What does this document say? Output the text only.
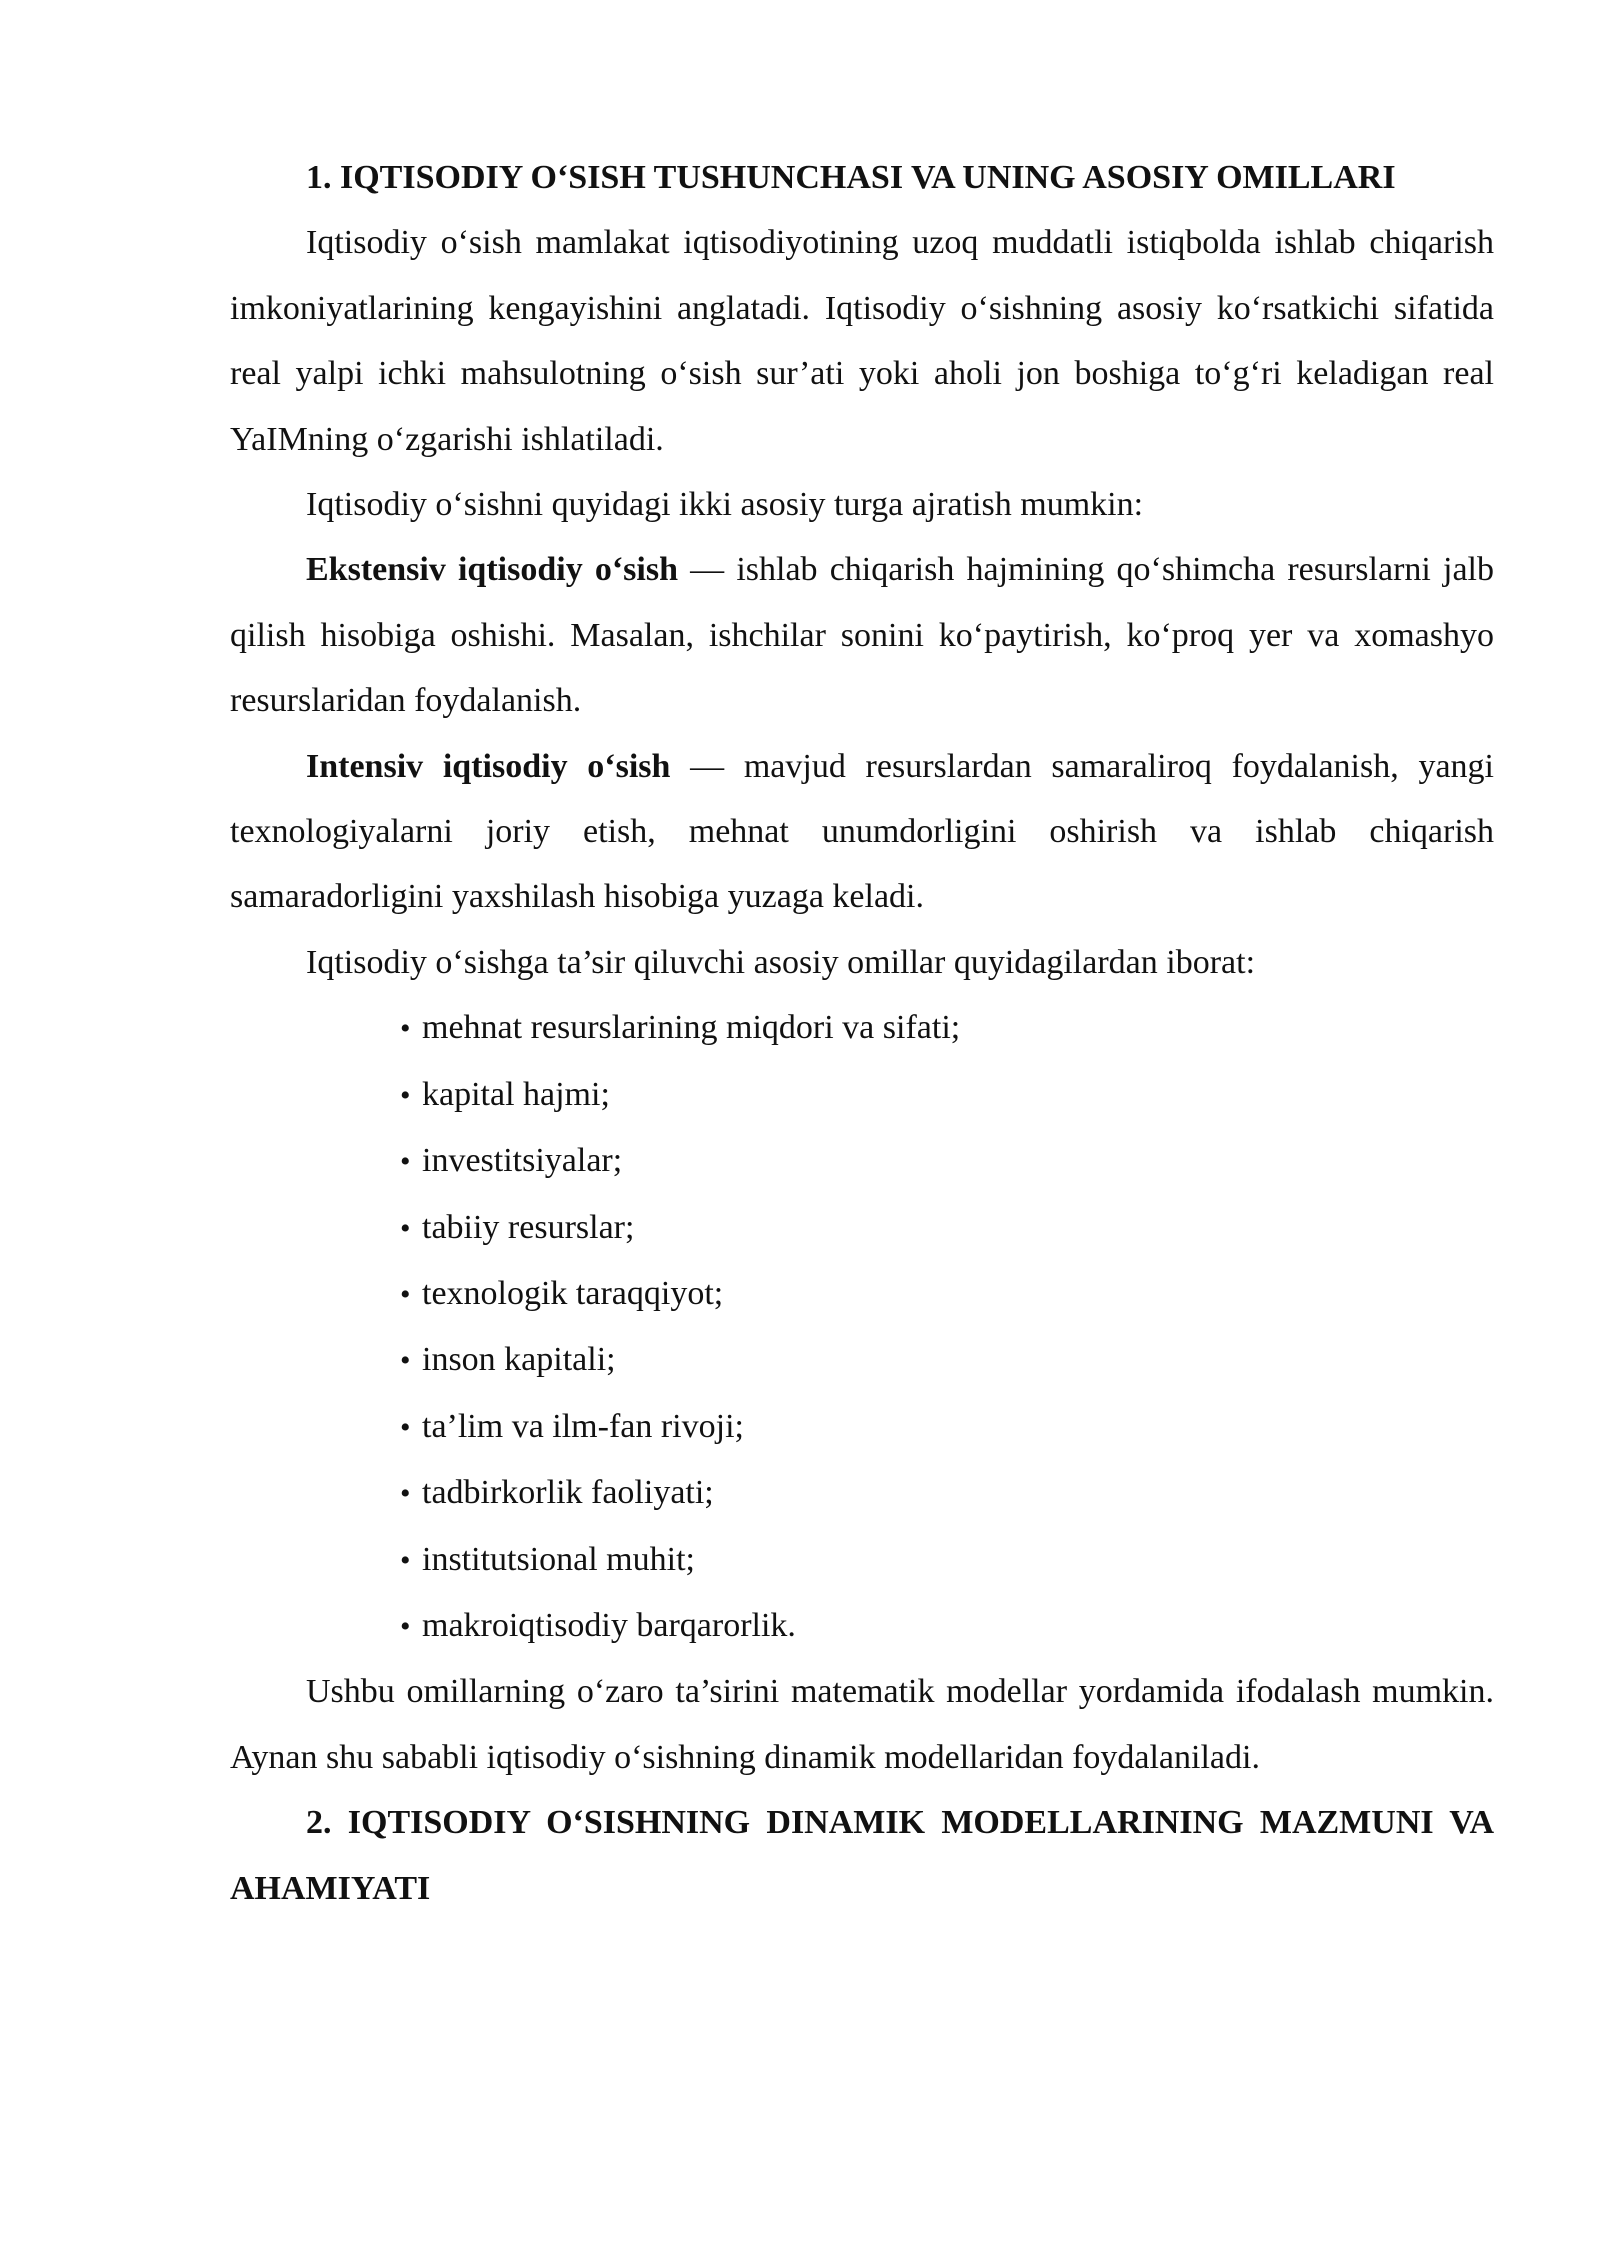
1. IQTISODIY O‘SISH TUSHUNCHASI VA UNING ASOSIY OMILLARI

Iqtisodiy o‘sish mamlakat iqtisodiyotining uzoq muddatli istiqbolda ishlab chiqarish imkoniyatlarining kengayishini anglatadi. Iqtisodiy o‘sishning asosiy ko‘rsatkichi sifatida real yalpi ichki mahsulotning o‘sish sur’ati yoki aholi jon boshiga to‘g‘ri keladigan real YaIMning o‘zgarishi ishlatiladi.

Iqtisodiy o‘sishni quyidagi ikki asosiy turga ajratish mumkin:

Ekstensiv iqtisodiy o‘sish — ishlab chiqarish hajmining qo‘shimcha resurslarni jalb qilish hisobiga oshishi. Masalan, ishchilar sonini ko‘paytirish, ko‘proq yer va xomashyo resurslaridan foydalanish.

Intensiv iqtisodiy o‘sish — mavjud resurslardan samaraliroq foydalanish, yangi texnologiyalarni joriy etish, mehnat unumdorligini oshirish va ishlab chiqarish samaradorligini yaxshilash hisobiga yuzaga keladi.

Iqtisodiy o‘sishga ta’sir qiluvchi asosiy omillar quyidagilardan iborat:

• mehnat resurslarining miqdori va sifati;
• kapital hajmi;
• investitsiyalar;
• tabiiy resurslar;
• texnologik taraqqiyot;
• inson kapitali;
• ta’lim va ilm-fan rivoji;
• tadbirkorlik faoliyati;
• institutsional muhit;
• makroiqtisodiy barqarorlik.

Ushbu omillarning o‘zaro ta’sirini matematik modellar yordamida ifodalash mumkin. Aynan shu sababli iqtisodiy o‘sishning dinamik modellaridan foydalaniladi.

2. IQTISODIY O‘SISHNING DINAMIK MODELLARINING MAZMUNI VA AHAMIYATI
